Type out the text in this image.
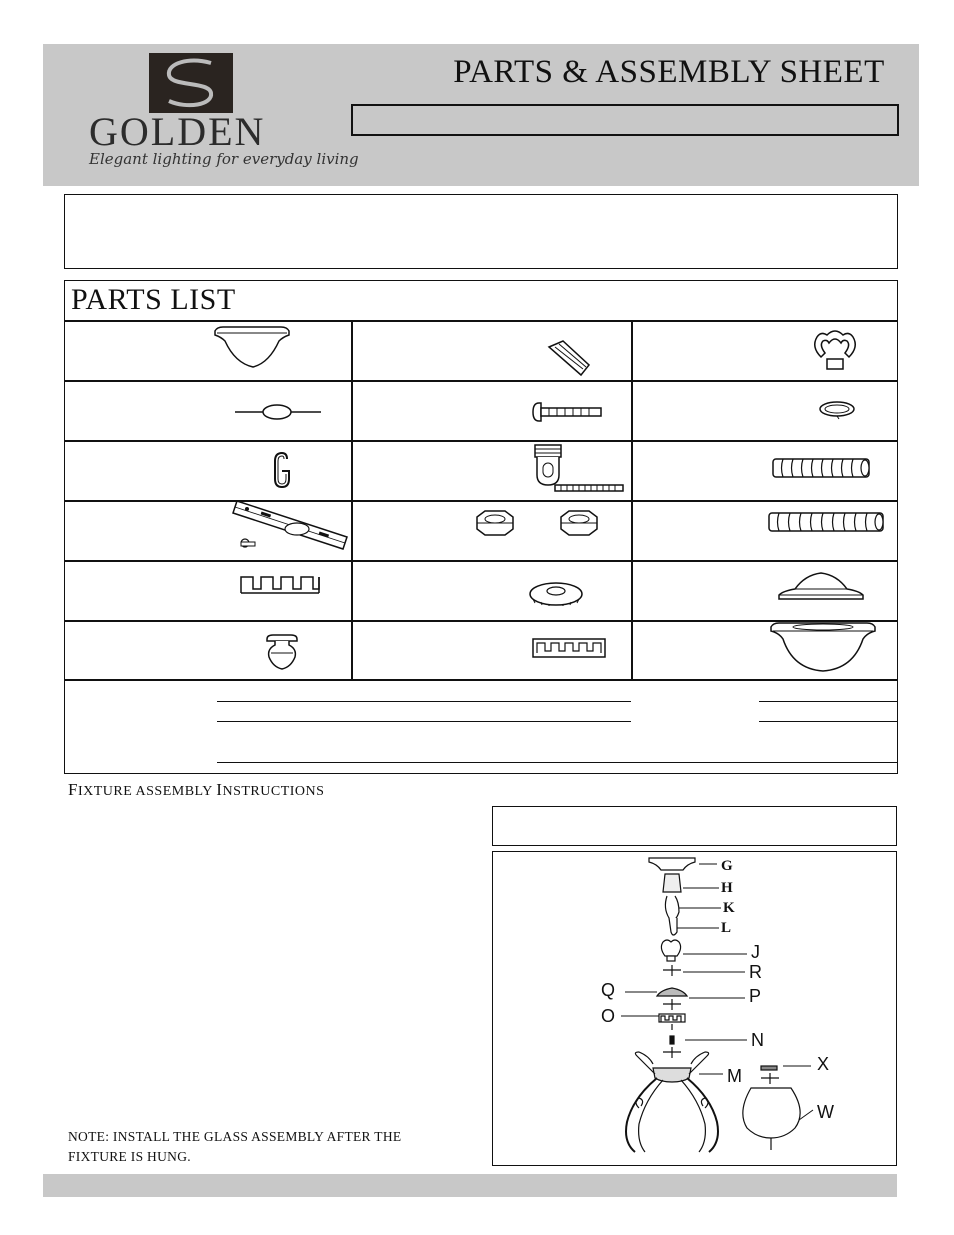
GOLDEN
Elegant lighting for everyday living
PARTS & ASSEMBLY SHEET
PARTS LIST
FIXTURE ASSEMBLY INSTRUCTIONS
NOTE: INSTALL THE GLASS ASSEMBLY AFTER THE
FIXTURE IS HUNG.
G
H
K
L
J
R
Q	P
O
N
X
M
W
